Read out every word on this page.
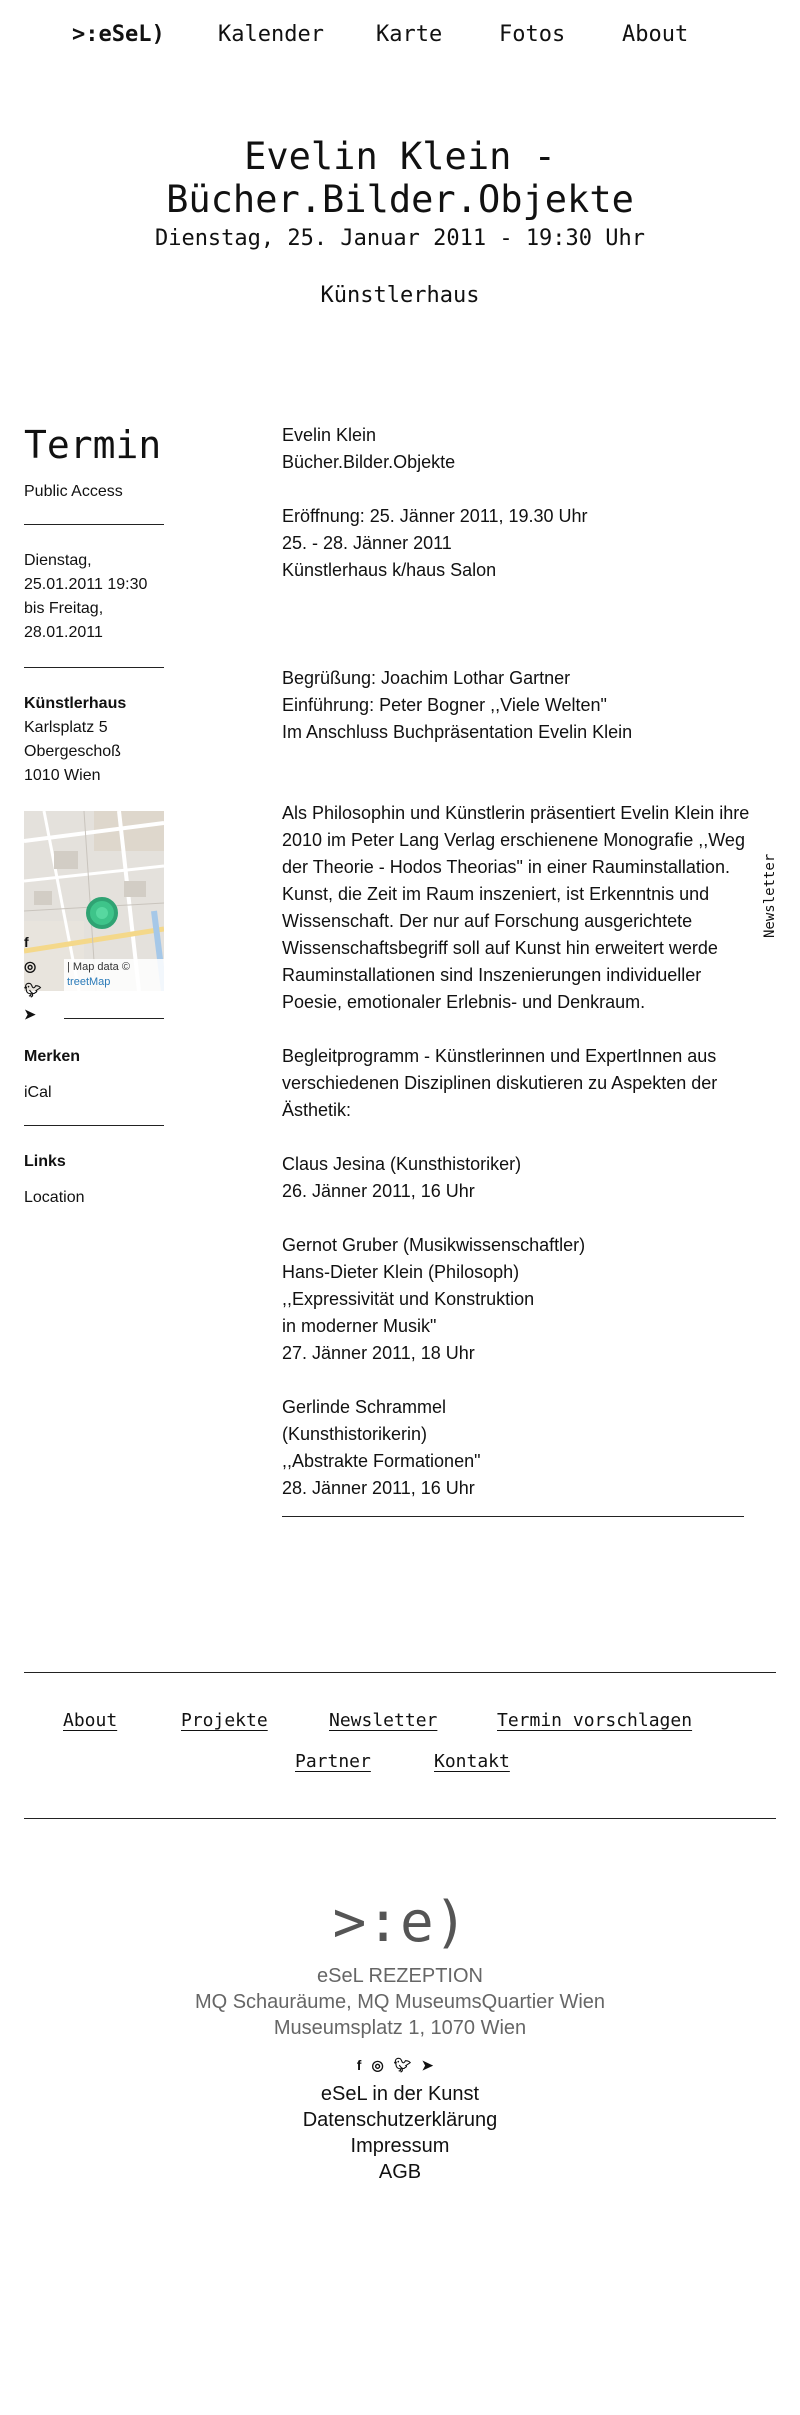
>:eSeL) Kalender Karte	Fotos	About
Evelin Klein - Bücher.Bilder.Objekte
Dienstag, 25. Januar 2011 - 19:30 Uhr
Künstlerhaus
Termin
Public Access
Dienstag,
25.01.2011 19:30
bis Freitag,
28.01.2011
Künstlerhaus
Karlsplatz 5
Obergeschoß
1010 Wien
| Map data ©
treetMap
f
◎
🐦︎
➤
Merken
iCal
Links
Location
Evelin Klein
Bücher.Bilder.Objekte
Eröffnung: 25. Jänner 2011, 19.30 Uhr
25. - 28. Jänner 2011
Künstlerhaus k/haus Salon
Begrüßung: Joachim Lothar Gartner
Einführung: Peter Bogner ,,Viele Welten"
Im Anschluss Buchpräsentation Evelin Klein
Als Philosophin und Künstlerin präsentiert Evelin Klein ihre
2010 im Peter Lang Verlag erschienene Monografie ,,Weg
der Theorie - Hodos Theorias" in einer Rauminstallation.
Kunst, die Zeit im Raum inszeniert, ist Erkenntnis und
Wissenschaft. Der nur auf Forschung ausgerichtete
Wissenschaftsbegriff soll auf Kunst hin erweitert werde
Rauminstallationen sind Inszenierungen individueller
Poesie, emotionaler Erlebnis- und Denkraum.
Begleitprogramm - Künstlerinnen und ExpertInnen aus
verschiedenen Disziplinen diskutieren zu Aspekten der
Ästhetik:
Claus Jesina (Kunsthistoriker)
26. Jänner 2011, 16 Uhr
Gernot Gruber (Musikwissenschaftler)
Hans-Dieter Klein (Philosoph)
,,Expressivität und Konstruktion
in moderner Musik"
27. Jänner 2011, 18 Uhr
Gerlinde Schrammel
(Kunsthistorikerin)
,,Abstrakte Formationen"
28. Jänner 2011, 16 Uhr
Newsletter
About	Projekte	Newsletter	Termin vorschlagen
Partner	Kontakt
>:e)
eSeL REZEPTION
MQ Schauräume, MQ MuseumsQuartier Wien
Museumsplatz 1, 1070 Wien
f◎🐦︎➤
eSeL in der Kunst
Datenschutzerklärung
Impressum
AGB
